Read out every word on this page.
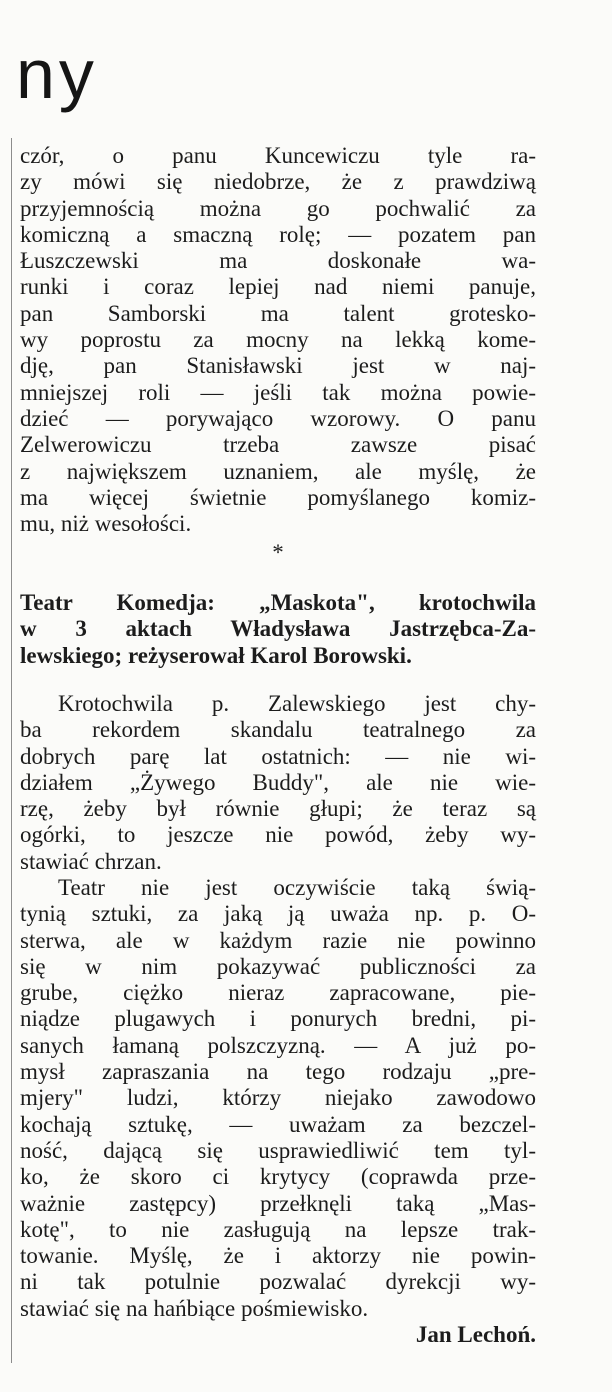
ny
czór, o panu Kuncewiczu tyle ra-
zy mówi się niedobrze, że z prawdziwą
przyjemnością można go pochwalić za
komiczną a smaczną rolę; — pozatem pan
Łuszczewski ma doskonałe wa-
runki i coraz lepiej nad niemi panuje,
pan Samborski ma talent grotesko-
wy poprostu za mocny na lekką kome-
dję, pan Stanisławski jest w naj-
mniejszej roli — jeśli tak można powie-
dzieć — porywająco wzorowy. O panu
Zelwerowiczu trzeba zawsze pisać
z największem uznaniem, ale myślę, że
ma więcej świetnie pomyślanego komiz-
mu, niż wesołości.
*
Teatr Komedja: „Maskota", krotochwila
w 3 aktach Władysława Jastrzębca-Za-
lewskiego; reżyserował Karol Borowski.
Krotochwila p. Zalewskiego jest chy-
ba rekordem skandalu teatralnego za
dobrych parę lat ostatnich: — nie wi-
działem „Żywego Buddy", ale nie wie-
rzę, żeby był równie głupi; że teraz są
ogórki, to jeszcze nie powód, żeby wy-
stawiać chrzan.
Teatr nie jest oczywiście taką świą-
tynią sztuki, za jaką ją uważa np. p. O-
sterwa, ale w każdym razie nie powinno
się w nim pokazywać publiczności za
grube, ciężko nieraz zapracowane, pie-
niądze plugawych i ponurych bredni, pi-
sanych łamaną polszczyzną. — A już po-
mysł zapraszania na tego rodzaju „pre-
mjery" ludzi, którzy niejako zawodowo
kochają sztukę, — uważam za bezczel-
ność, dającą się usprawiedliwić tem tyl-
ko, że skoro ci krytycy (coprawda prze-
ważnie zastępcy) przełknęli taką „Mas-
kotę", to nie zasługują na lepsze trak-
towanie. Myślę, że i aktorzy nie powin-
ni tak potulnie pozwalać dyrekcji wy-
stawiać się na hańbiące pośmiewisko.
Jan Lechoń.
